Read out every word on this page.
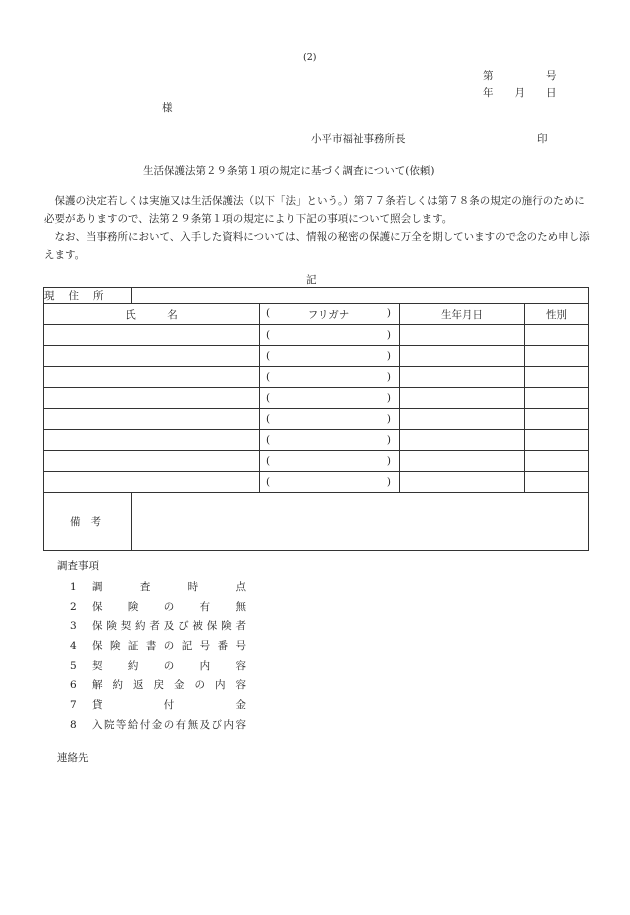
(2)
第　　　　　号
年　　月　　日
様
小平市福祉事務所長	印
生活保護法第２９条第１項の規定に基づく調査について(依頼)

保護の決定若しくは実施又は生活保護法（以下「法」という。）第７７条若しくは第７８条の規定の施行のために必要がありますので、法第２９条第１項の規定により下記の事項について照会します。

なお、当事務所において、入手した資料については、情報の秘密の保護に万全を期していますので念のため申し添えます。

記
現住所				
氏　　　名		( フリガナ )	生年月日	性別

		( )		

		( )		

		( )		

		( )		

		( )		

		( )		

		( )		

		( )		

備考				
調査事項
1	調	査	時	点
2	保 険 の 有 無
3	保 険 契 約 者 及 び 被 保 険 者
4	保 険 証 書 の 記 号 番 号
5	契 約 の 内 容
6	解 約 返 戻 金 の 内 容
7	貸	付	金
8	入 院 等 給 付 金 の 有 無 及 び 内 容
連絡先
